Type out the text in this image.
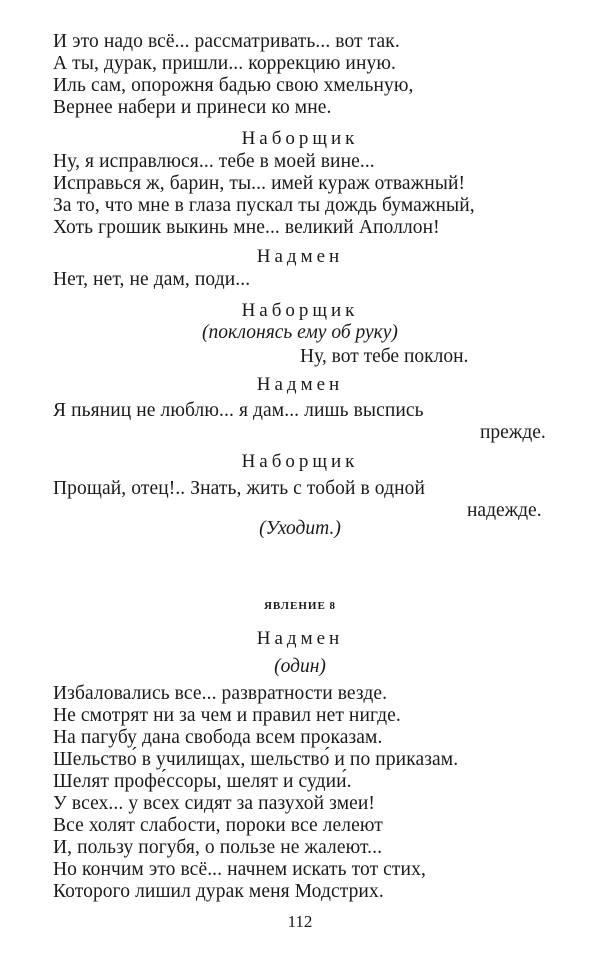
И это надо всё... рассматривать... вот так.
А ты, дурак, пришли... коррекцию иную.
Иль сам, опорожня бадью свою хмельную,
Вернее набери и принеси ко мне.
Наборщик
Ну, я исправлюся... тебе в моей вине...
Исправься ж, барин, ты... имей кураж отважный!
За то, что мне в глаза пускал ты дождь бумажный,
Хоть грошик выкинь мне... великий Аполлон!
Надмен
Нет, нет, не дам, поди...
Наборщик
(поклонясь ему об руку)
Ну, вот тебе поклон.
Надмен
Я пьяниц не люблю... я дам... лишь выспись
прежде.
Наборщик
Прощай, отец!.. Знать, жить с тобой в одной
надежде.
(Уходит.)
ЯВЛЕНИЕ 8
Надмен
(один)
Избаловались все... развратности везде.
Не смотрят ни за чем и правил нет нигде.
На пагубу дана свобода всем проказам.
Шельство́ в училищах, шельство́ и по приказам.
Шелят профе́ссоры, шелят и судии́.
У всех... у всех сидят за пазухой змеи!
Все холят слабости, пороки все лелеют
И, пользу погубя, о пользе не жалеют...
Но кончим это всё... начнем искать тот стих,
Которого лишил дурак меня Модстрих.
112
